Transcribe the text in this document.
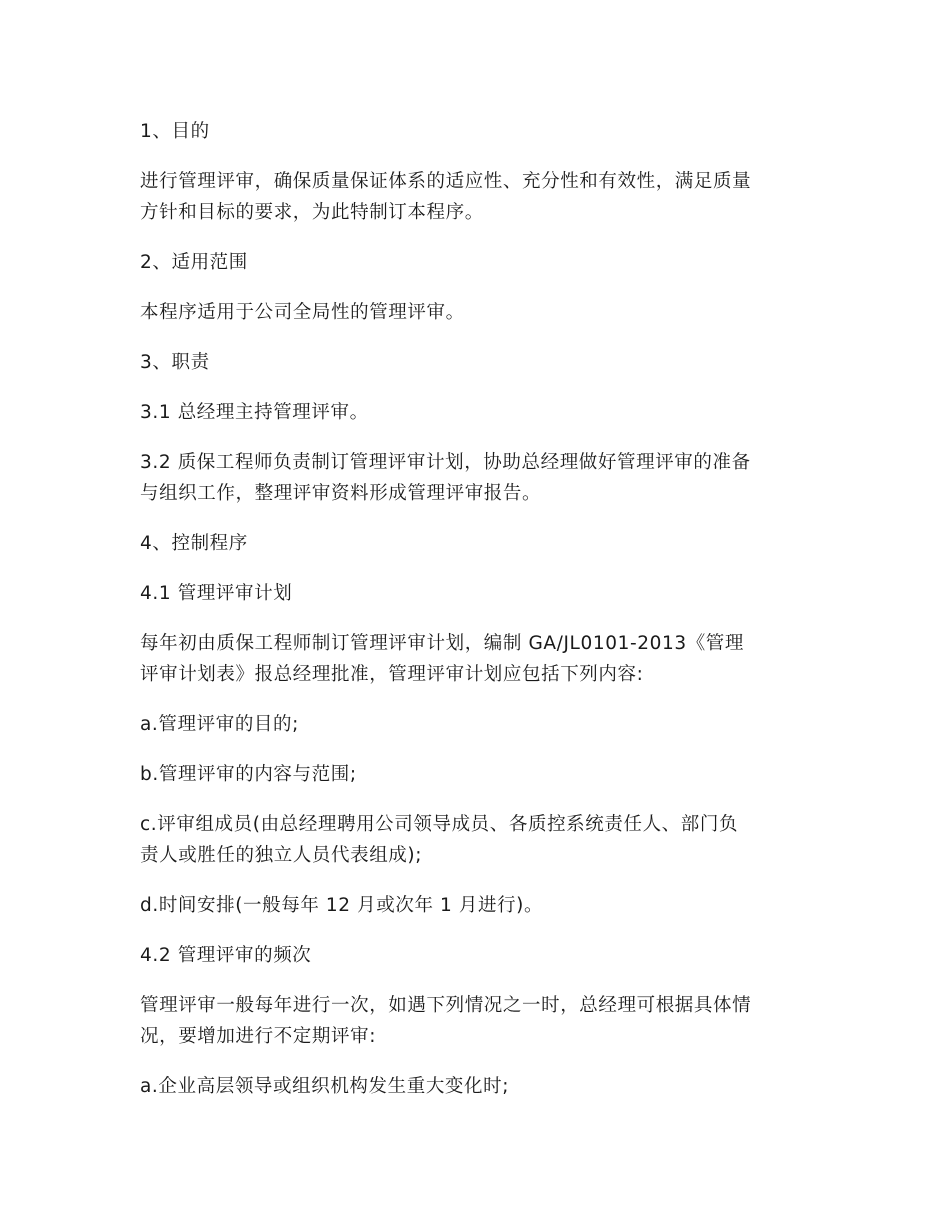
1、目的

进行管理评审，确保质量保证体系的适应性、充分性和有效性，满足质量
方针和目标的要求，为此特制订本程序。

2、适用范围

本程序适用于公司全局性的管理评审。

3、职责

3.1 总经理主持管理评审。

3.2 质保工程师负责制订管理评审计划，协助总经理做好管理评审的准备
与组织工作，整理评审资料形成管理评审报告。

4、控制程序

4.1 管理评审计划

每年初由质保工程师制订管理评审计划，编制 GA/JL0101-2013《管理
评审计划表》报总经理批准，管理评审计划应包括下列内容:

a.管理评审的目的;

b.管理评审的内容与范围;

c.评审组成员(由总经理聘用公司领导成员、各质控系统责任人、部门负
责人或胜任的独立人员代表组成);

d.时间安排(一般每年 12 月或次年 1 月进行)。

4.2 管理评审的频次

管理评审一般每年进行一次，如遇下列情况之一时，总经理可根据具体情
况，要增加进行不定期评审:

a.企业高层领导或组织机构发生重大变化时;
